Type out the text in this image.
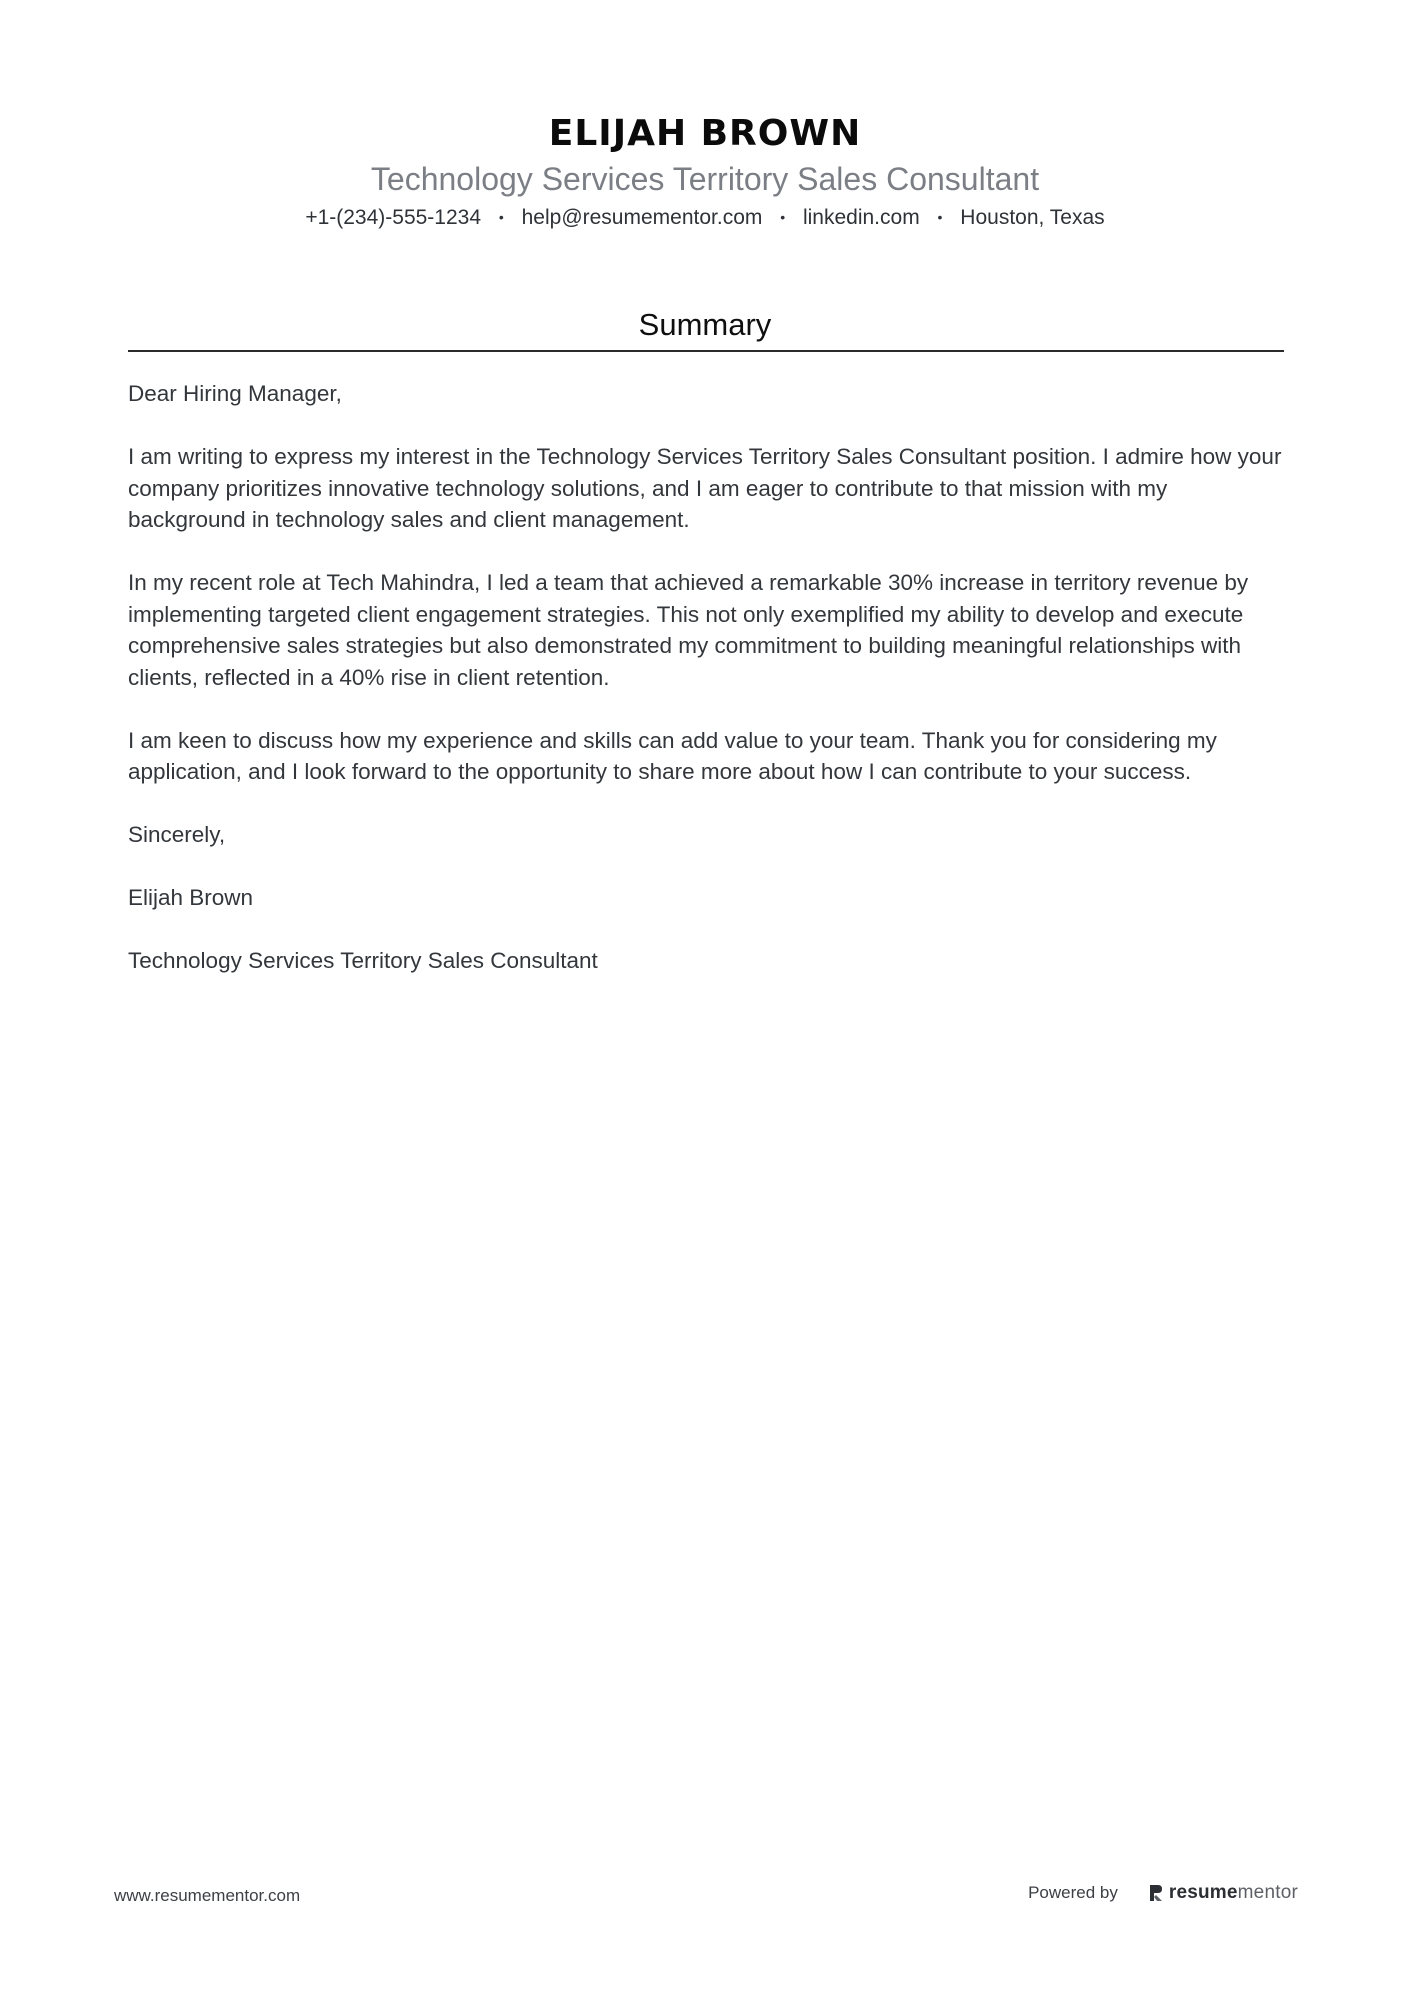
ELIJAH BROWN
Technology Services Territory Sales Consultant
+1-(234)-555-1234 • help@resumementor.com • linkedin.com • Houston, Texas
Summary

Dear Hiring Manager,

I am writing to express my interest in the Technology Services Territory Sales Consultant position. I admire how your company prioritizes innovative technology solutions, and I am eager to contribute to that mission with my background in technology sales and client management.

In my recent role at Tech Mahindra, I led a team that achieved a remarkable 30% increase in territory revenue by implementing targeted client engagement strategies. This not only exemplified my ability to develop and execute comprehensive sales strategies but also demonstrated my commitment to building meaningful relationships with clients, reflected in a 40% rise in client retention.

I am keen to discuss how my experience and skills can add value to your team. Thank you for considering my application, and I look forward to the opportunity to share more about how I can contribute to your success.

Sincerely,

Elijah Brown

Technology Services Territory Sales Consultant

www.resumementor.com	Powered by	resume mentor
